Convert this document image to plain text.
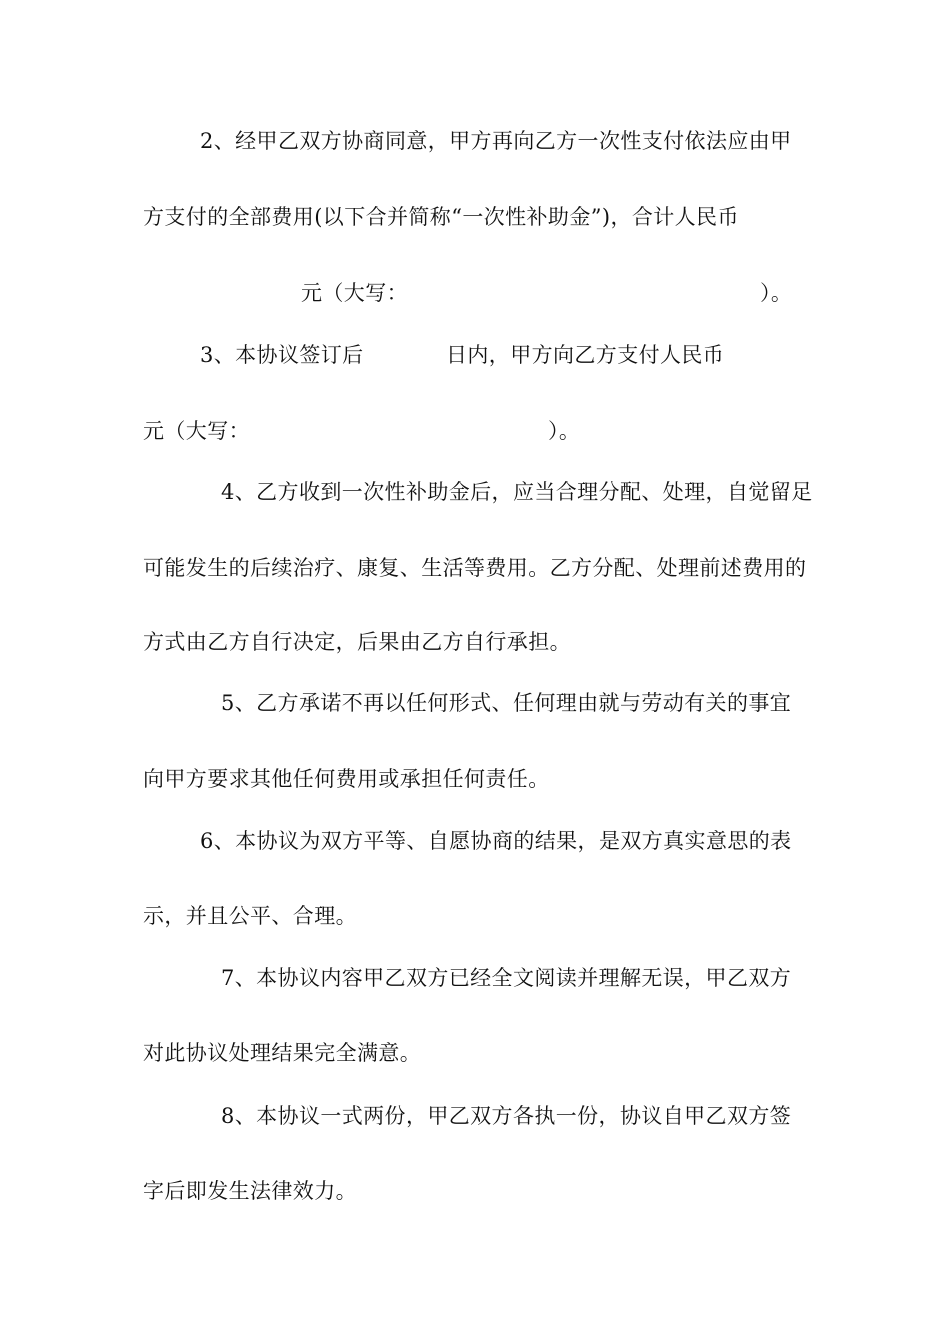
2、经甲乙双方协商同意，甲方再向乙方一次性支付依法应由甲
方支付的全部费用(以下合并简称“一次性补助金”)，合计人民币
元（大写：	）。
3、本协议签订后	日内，甲方向乙方支付人民币
元（大写：	）。
4、乙方收到一次性补助金后，应当合理分配、处理，自觉留足
可能发生的后续治疗、康复、生活等费用。乙方分配、处理前述费用的
方式由乙方自行决定，后果由乙方自行承担。
5、乙方承诺不再以任何形式、任何理由就与劳动有关的事宜
向甲方要求其他任何费用或承担任何责任。
6、本协议为双方平等、自愿协商的结果，是双方真实意思的表
示，并且公平、合理。
7、本协议内容甲乙双方已经全文阅读并理解无误，甲乙双方
对此协议处理结果完全满意。
8、本协议一式两份，甲乙双方各执一份，协议自甲乙双方签
字后即发生法律效力。
